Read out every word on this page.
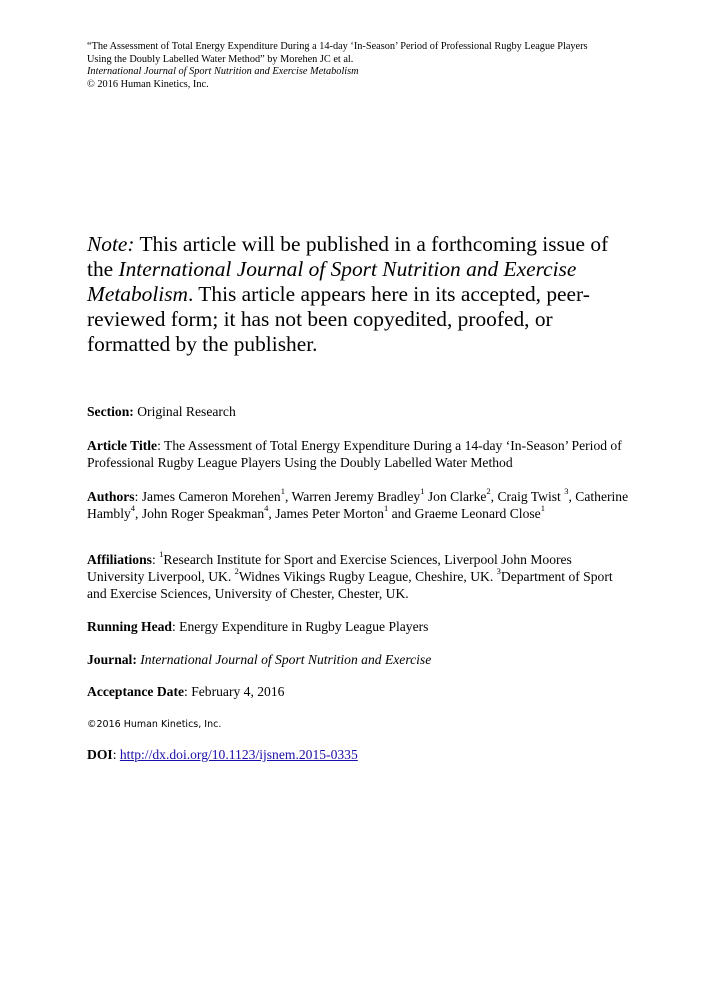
“The Assessment of Total Energy Expenditure During a 14-day ‘In-Season’ Period of Professional Rugby League Players
Using the Doubly Labelled Water Method” by Morehen JC et al.
International Journal of Sport Nutrition and Exercise Metabolism
© 2016 Human Kinetics, Inc.
Note: This article will be published in a forthcoming issue of the International Journal of Sport Nutrition and Exercise Metabolism. This article appears here in its accepted, peer-reviewed form; it has not been copyedited, proofed, or formatted by the publisher.
Section: Original Research
Article Title: The Assessment of Total Energy Expenditure During a 14-day ‘In-Season’ Period of Professional Rugby League Players Using the Doubly Labelled Water Method
Authors: James Cameron Morehen$^1$, Warren Jeremy Bradley$^1$ Jon Clarke$^2$, Craig Twist $^3$, Catherine Hambly$^4$, John Roger Speakman$^4$, James Peter Morton$^1$ and Graeme Leonard Close$^1$
Affiliations: $^1$Research Institute for Sport and Exercise Sciences, Liverpool John Moores University Liverpool, UK. $^2$Widnes Vikings Rugby League, Cheshire, UK. $^3$Department of Sport and Exercise Sciences, University of Chester, Chester, UK.
Running Head: Energy Expenditure in Rugby League Players
Journal: International Journal of Sport Nutrition and Exercise
Acceptance Date: February 4, 2016
©2016 Human Kinetics, Inc.
DOI: http://dx.doi.org/10.1123/ijsnem.2015-0335
